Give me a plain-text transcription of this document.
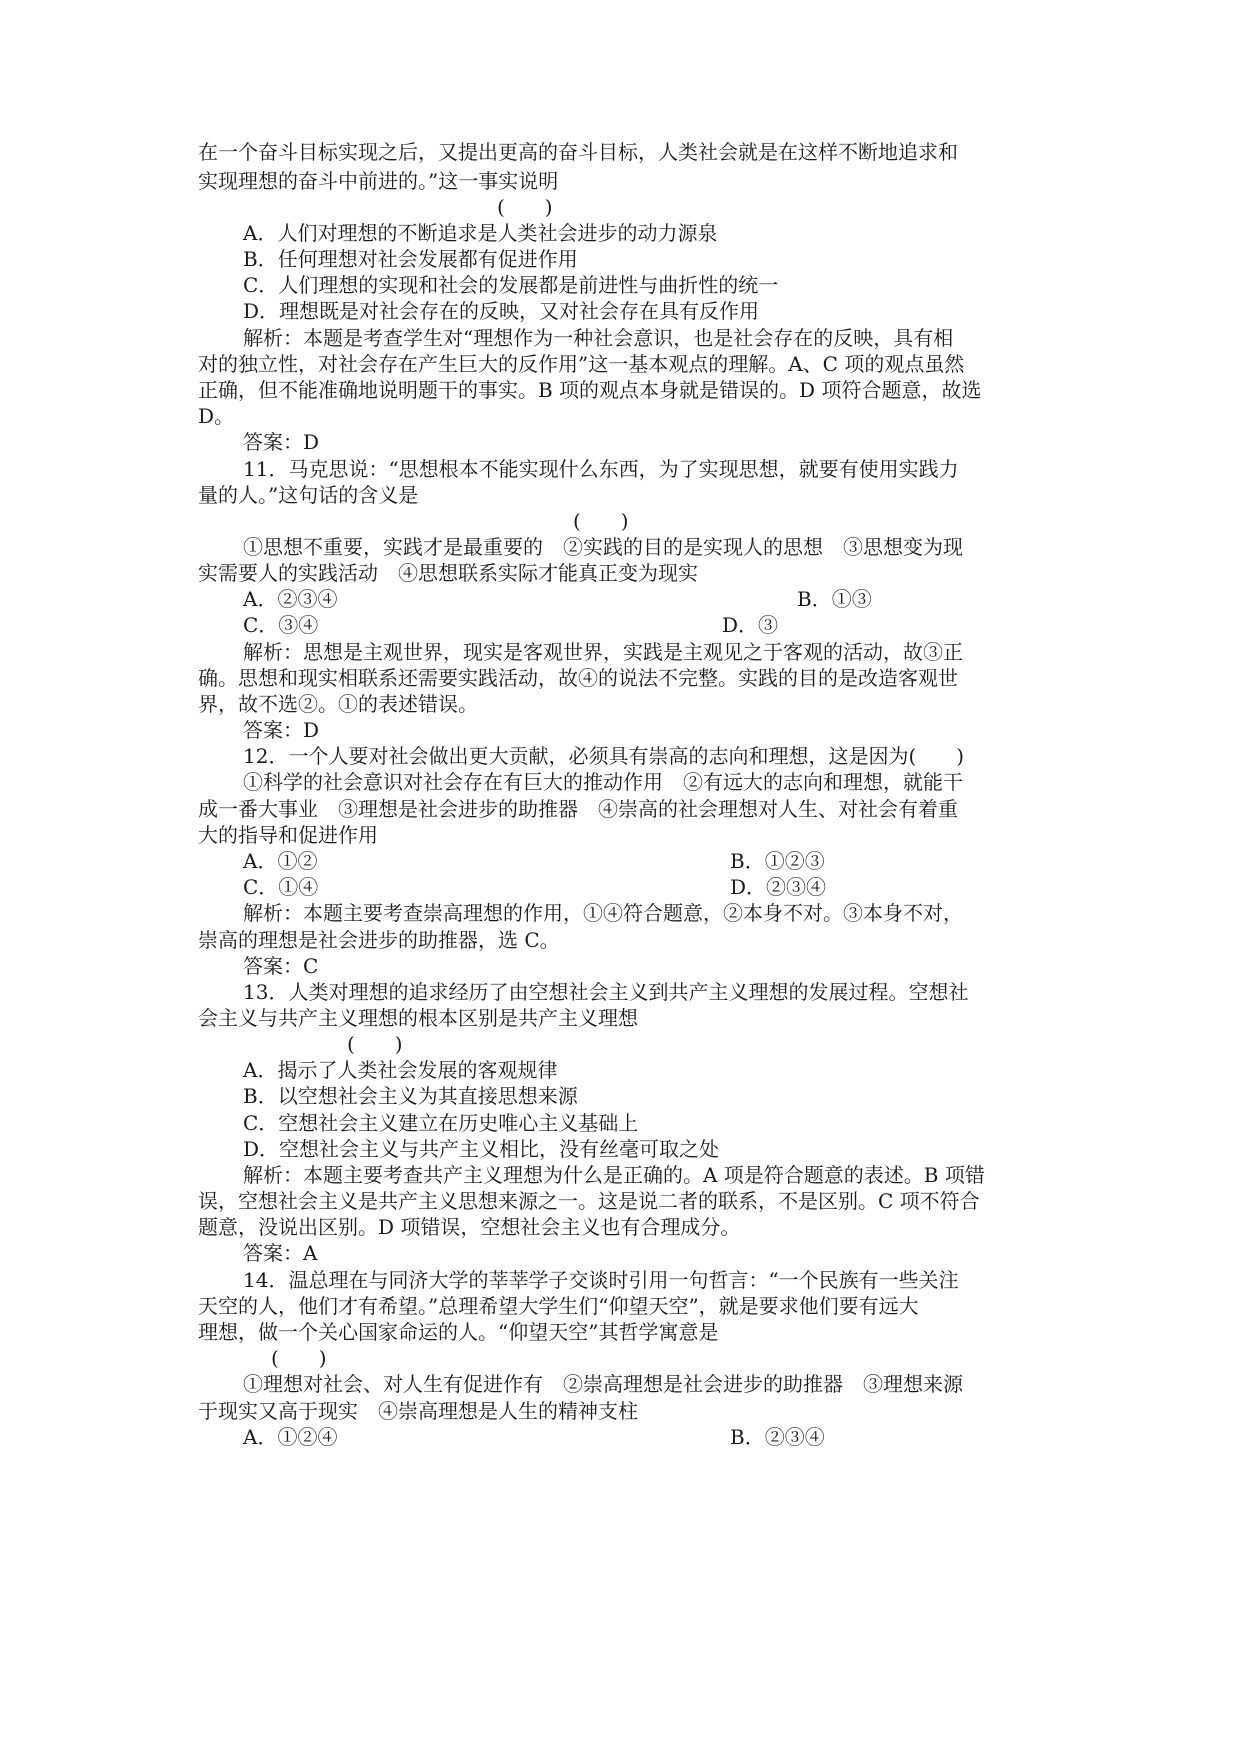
在一个奋斗目标实现之后，又提出更高的奋斗目标，人类社会就是在这样不断地追求和
实现理想的奋斗中前进的。”这一事实说明
(　　)
A．人们对理想的不断追求是人类社会进步的动力源泉
B．任何理想对社会发展都有促进作用
C．人们理想的实现和社会的发展都是前进性与曲折性的统一
D．理想既是对社会存在的反映，又对社会存在具有反作用
解析：本题是考查学生对“理想作为一种社会意识，也是社会存在的反映，具有相
对的独立性，对社会存在产生巨大的反作用”这一基本观点的理解。A、C 项的观点虽然
正确，但不能准确地说明题干的事实。B 项的观点本身就是错误的。D 项符合题意，故选
D。
答案：D
11．马克思说：“思想根本不能实现什么东西，为了实现思想，就要有使用实践力
量的人。”这句话的含义是
(　　)
①思想不重要，实践才是最重要的　②实践的目的是实现人的思想　③思想变为现
实需要人的实践活动　④思想联系实际才能真正变为现实
A．②③④	B．①③
C．③④	D．③
解析：思想是主观世界，现实是客观世界，实践是主观见之于客观的活动，故③正
确。思想和现实相联系还需要实践活动，故④的说法不完整。实践的目的是改造客观世
界，故不选②。①的表述错误。
答案：D
12．一个人要对社会做出更大贡献，必须具有崇高的志向和理想，这是因为(　　)
①科学的社会意识对社会存在有巨大的推动作用　②有远大的志向和理想，就能干
成一番大事业　③理想是社会进步的助推器　④崇高的社会理想对人生、对社会有着重
大的指导和促进作用
A．①②	B．①②③
C．①④	D．②③④
解析：本题主要考查崇高理想的作用，①④符合题意，②本身不对。③本身不对，
崇高的理想是社会进步的助推器，选 C。
答案：C
13．人类对理想的追求经历了由空想社会主义到共产主义理想的发展过程。空想社
会主义与共产主义理想的根本区别是共产主义理想
(　　)
A．揭示了人类社会发展的客观规律
B．以空想社会主义为其直接思想来源
C．空想社会主义建立在历史唯心主义基础上
D．空想社会主义与共产主义相比，没有丝毫可取之处
解析：本题主要考查共产主义理想为什么是正确的。A 项是符合题意的表述。B 项错
误，空想社会主义是共产主义思想来源之一。这是说二者的联系，不是区别。C 项不符合
题意，没说出区别。D 项错误，空想社会主义也有合理成分。
答案：A
14．温总理在与同济大学的莘莘学子交谈时引用一句哲言：“一个民族有一些关注
天空的人，他们才有希望。”总理希望大学生们“仰望天空”，就是要求他们要有远大
理想，做一个关心国家命运的人。“仰望天空”其哲学寓意是
(　　)
①理想对社会、对人生有促进作有　②崇高理想是社会进步的助推器　③理想来源
于现实又高于现实　④崇高理想是人生的精神支柱
A．①②④	B．②③④
